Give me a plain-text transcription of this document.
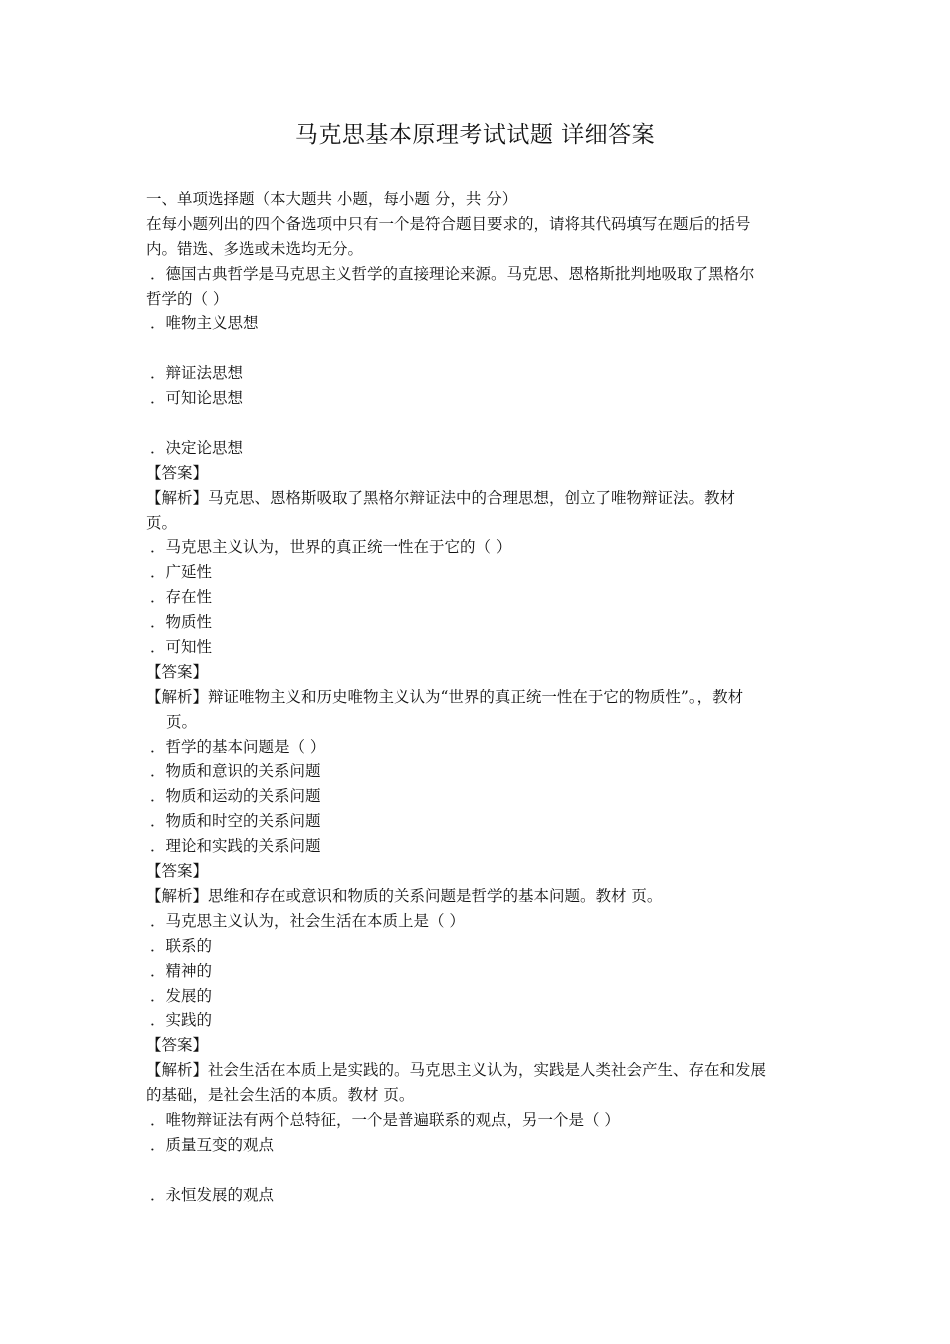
马克思基本原理考试试题 详细答案
一、单项选择题（本大题共 小题，每小题 分，共 分）
在每小题列出的四个备选项中只有一个是符合题目要求的，请将其代码填写在题后的括号
内。错选、多选或未选均无分。
．德国古典哲学是马克思主义哲学的直接理论来源。马克思、恩格斯批判地吸取了黑格尔
哲学的（ ）
．唯物主义思想
．辩证法思想
．可知论思想
．决定论思想
【答案】
【解析】马克思、恩格斯吸取了黑格尔辩证法中的合理思想，创立了唯物辩证法。教材
页。
．马克思主义认为，世界的真正统一性在于它的（ ）
．广延性
．存在性
．物质性
．可知性
【答案】
【解析】辩证唯物主义和历史唯物主义认为“世界的真正统一性在于它的物质性”。，教材
页。
．哲学的基本问题是（ ）
．物质和意识的关系问题
．物质和运动的关系问题
．物质和时空的关系问题
．理论和实践的关系问题
【答案】
【解析】思维和存在或意识和物质的关系问题是哲学的基本问题。教材 页。
．马克思主义认为，社会生活在本质上是（ ）
．联系的
．精神的
．发展的
．实践的
【答案】
【解析】社会生活在本质上是实践的。马克思主义认为，实践是人类社会产生、存在和发展
的基础，是社会生活的本质。教材 页。
．唯物辩证法有两个总特征，一个是普遍联系的观点，另一个是（ ）
．质量互变的观点
．永恒发展的观点
